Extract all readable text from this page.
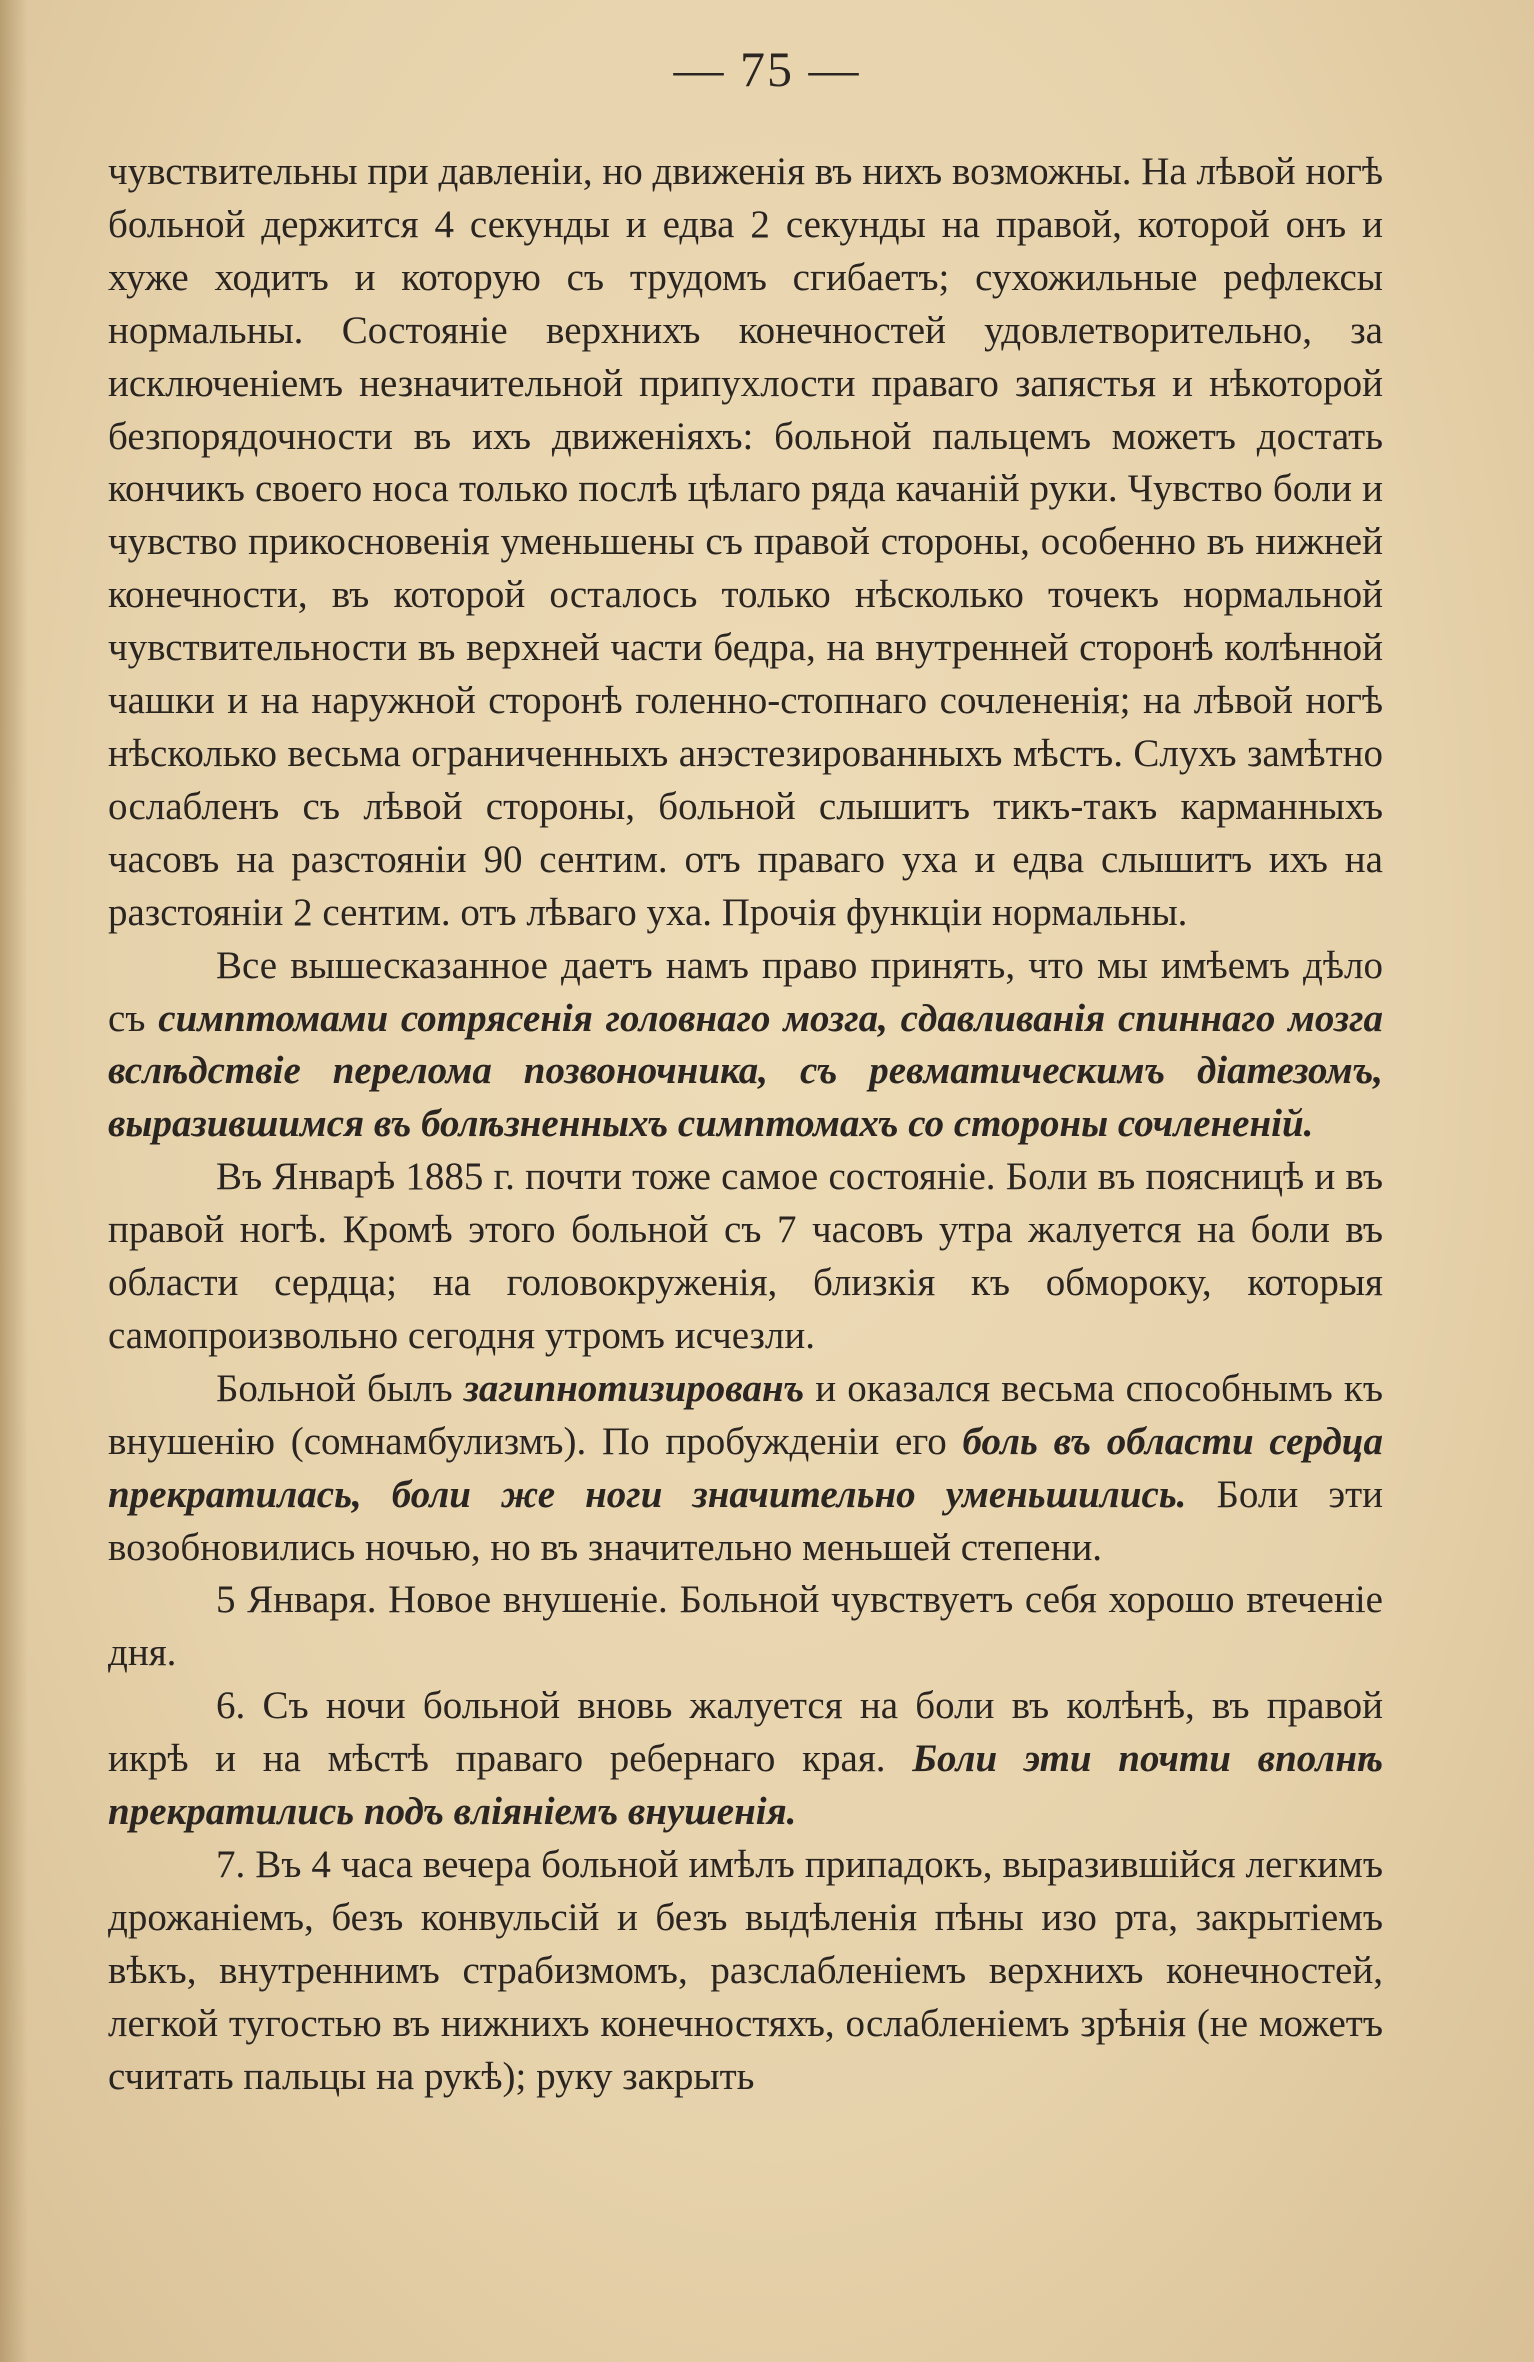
— 75 —

чувствительны при давленіи, но движенія въ нихъ возможны. На лѣвой ногѣ больной держится 4 секунды и едва 2 секунды на правой, которой онъ и хуже ходитъ и которую съ трудомъ сгибаетъ; сухожильные рефлексы нормальны. Состояніе верхнихъ конечностей удовлетворительно, за исключеніемъ незначительной припухлости праваго запястья и нѣкоторой безпорядочности въ ихъ движеніяхъ: больной пальцемъ можетъ достать кончикъ своего носа только послѣ цѣлаго ряда качаній руки. Чувство боли и чувство прикосновенія уменьшены съ правой стороны, особенно въ нижней конечности, въ которой осталось только нѣсколько точекъ нормальной чувствительности въ верхней части бедра, на внутренней сторонѣ колѣнной чашки и на наружной сторонѣ голенно-стопнаго сочлененія; на лѣвой ногѣ нѣсколько весьма ограниченныхъ анэстезированныхъ мѣстъ. Слухъ замѣтно ослабленъ съ лѣвой стороны, больной слышитъ тикъ-такъ карманныхъ часовъ на разстояніи 90 сентим. отъ праваго уха и едва слышитъ ихъ на разстояніи 2 сентим. отъ лѣваго уха. Прочія функціи нормальны.

Все вышесказанное даетъ намъ право принять, что мы имѣемъ дѣло съ симптомами сотрясенія головнаго мозга, сдавливанія спиннаго мозга вслѣдствіе перелома позвоночника, съ ревматическимъ діатезомъ, выразившимся въ болѣзненныхъ симптомахъ со стороны сочлененій.

Въ Январѣ 1885 г. почти тоже самое состояніе. Боли въ поясницѣ и въ правой ногѣ. Кромѣ этого больной съ 7 часовъ утра жалуется на боли въ области сердца; на головокруженія, близкія къ обмороку, которыя самопроизвольно сегодня утромъ исчезли.

Больной былъ загипнотизированъ и оказался весьма способнымъ къ внушенію (сомнамбулизмъ). По пробужденіи его боль въ области сердца прекратилась, боли же ноги значительно уменьшились. Боли эти возобновились ночью, но въ значительно меньшей степени.

5 Января. Новое внушеніе. Больной чувствуетъ себя хорошо втеченіе дня.

6. Съ ночи больной вновь жалуется на боли въ колѣнѣ, въ правой икрѣ и на мѣстѣ праваго ребернаго края. Боли эти почти вполнѣ прекратились подъ вліяніемъ внушенія.

7. Въ 4 часа вечера больной имѣлъ припадокъ, выразившійся легкимъ дрожаніемъ, безъ конвульсій и безъ выдѣленія пѣны изо рта, закрытіемъ вѣкъ, внутреннимъ страбизмомъ, разслабленіемъ верхнихъ конечностей, легкой тугостью въ нижнихъ конечностяхъ, ослабленіемъ зрѣнія (не можетъ считать пальцы на рукѣ); руку закрыть
